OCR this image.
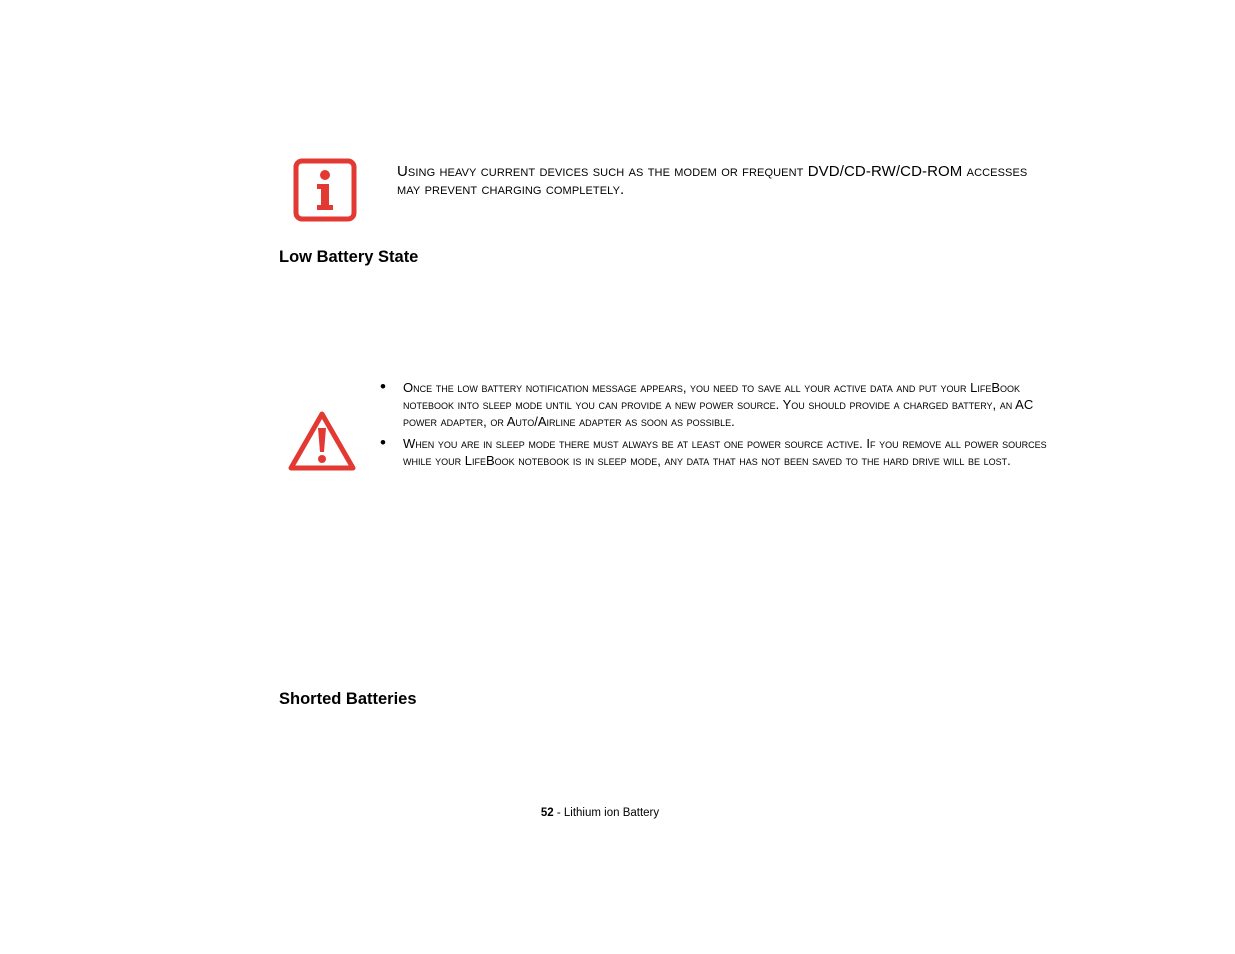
Using heavy current devices such as the modem or frequent DVD/CD-RW/CD-ROM accesses may prevent charging completely.
Low Battery State
• Once the low battery notification message appears, you need to save all your active data and put your LifeBook notebook into sleep mode until you can provide a new power source. You should provide a charged battery, an AC power adapter, or Auto/Airline adapter as soon as possible.
• When you are in sleep mode there must always be at least one power source active. If you remove all power sources while your LifeBook notebook is in sleep mode, any data that has not been saved to the hard drive will be lost.
Shorted Batteries
52 - Lithium ion Battery
